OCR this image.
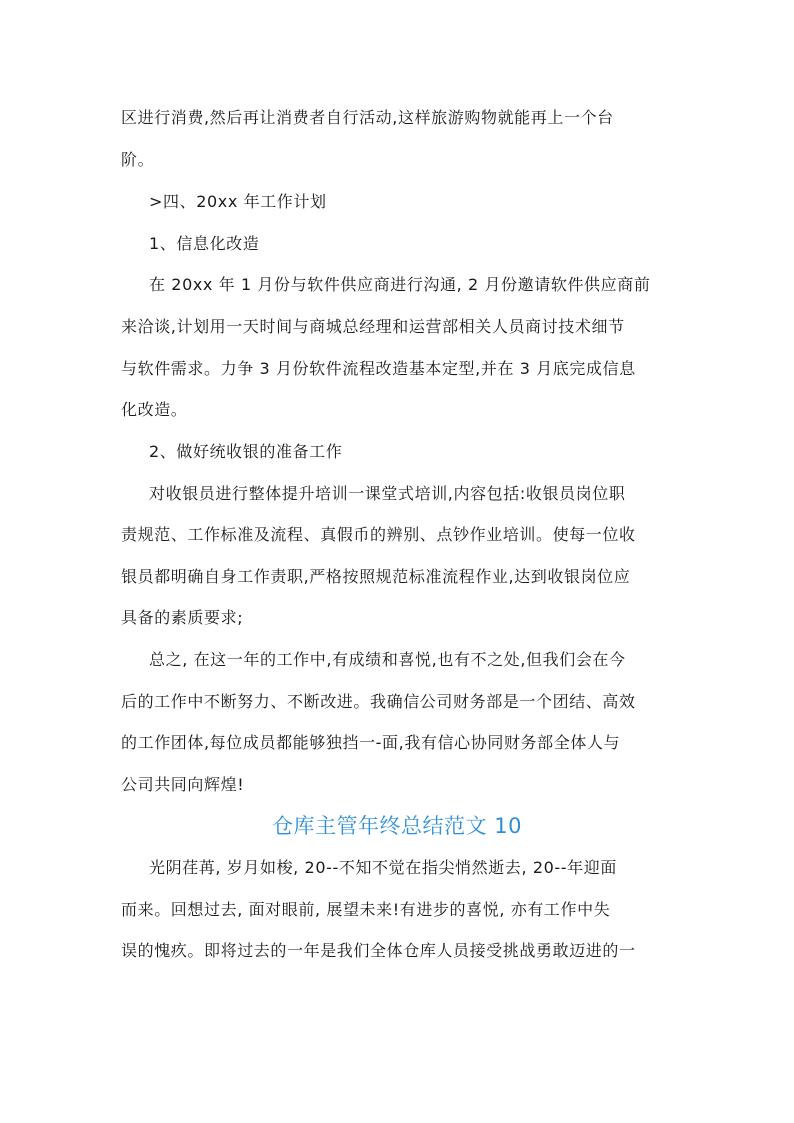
区进行消费,然后再让消费者自行活动,这样旅游购物就能再上一个台
阶。
>四、20xx 年工作计划
1、信息化改造
在 20xx 年 1 月份与软件供应商进行沟通, 2 月份邀请软件供应商前
来洽谈,计划用一天时间与商城总经理和运营部相关人员商讨技术细节
与软件需求。力争 3 月份软件流程改造基本定型,并在 3 月底完成信息
化改造。
2、做好统收银的准备工作
对收银员进行整体提升培训一课堂式培训,内容包括:收银员岗位职
责规范、工作标准及流程、真假币的辨别、点钞作业培训。使每一位收
银员都明确自身工作责职,严格按照规范标准流程作业,达到收银岗位应
具备的素质要求;
总之, 在这一年的工作中,有成绩和喜悦,也有不之处,但我们会在今
后的工作中不断努力、不断改进。我确信公司财务部是一个团结、高效
的工作团体,每位成员都能够独挡一-面,我有信心协同财务部全体人与
公司共同向辉煌!
仓库主管年终总结范文 10
光阴荏苒, 岁月如梭, 20--不知不觉在指尖悄然逝去, 20--年迎面
而来。回想过去, 面对眼前, 展望未来!有进步的喜悦, 亦有工作中失
误的愧疚。即将过去的一年是我们全体仓库人员接受挑战勇敢迈进的一
